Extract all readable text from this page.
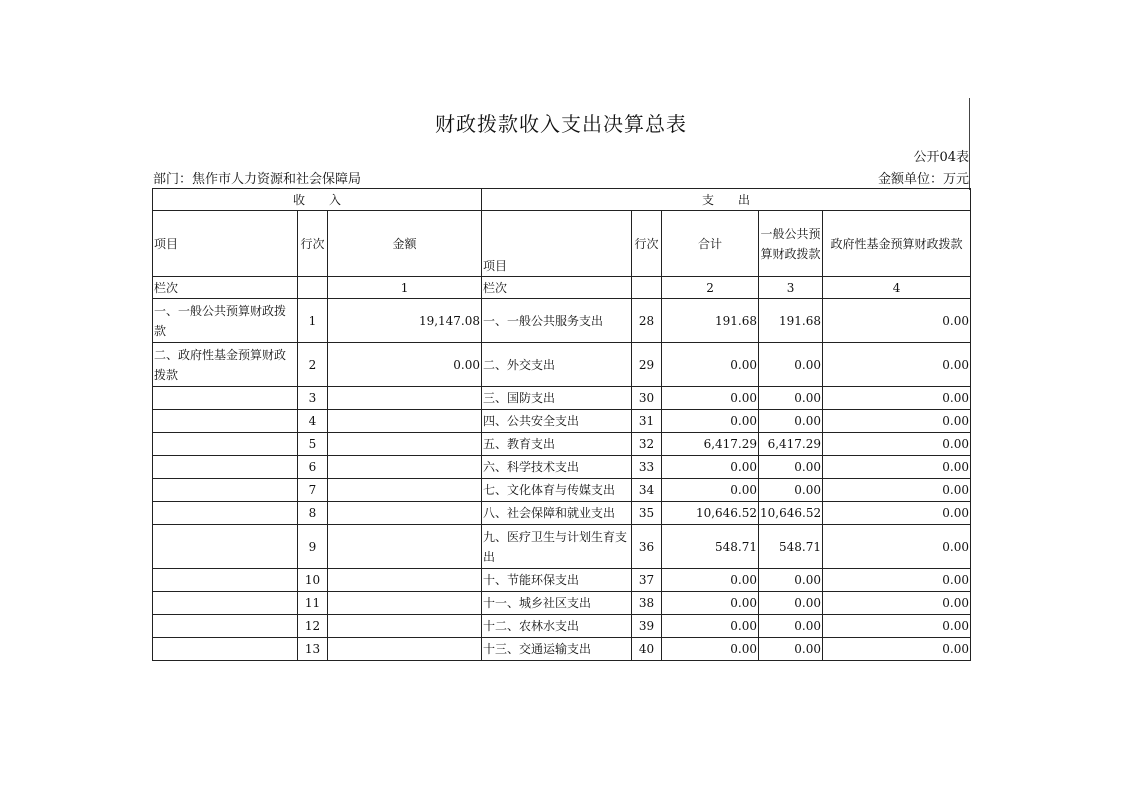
财政拨款收入支出决算总表
公开04表
部门：焦作市人力资源和社会保障局	金额单位：万元
收　　入			支　　出				
项目	行次	金额	项目	行次	合计	一般公共预算财政拨款	政府性基金预算财政拨款
栏次		1	栏次		2	3	4
一、一般公共预算财政拨款	1	19,147.08	一、一般公共服务支出	28	191.68	191.68	0.00
二、政府性基金预算财政拨款	2	0.00	二、外交支出	29	0.00	0.00	0.00
	3		三、国防支出	30	0.00	0.00	0.00
	4		四、公共安全支出	31	0.00	0.00	0.00
	5		五、教育支出	32	6,417.29	6,417.29	0.00
	6		六、科学技术支出	33	0.00	0.00	0.00
	7		七、文化体育与传媒支出	34	0.00	0.00	0.00
	8		八、社会保障和就业支出	35	10,646.52	10,646.52	0.00
	9		九、医疗卫生与计划生育支出	36	548.71	548.71	0.00
	10		十、节能环保支出	37	0.00	0.00	0.00
	11		十一、城乡社区支出	38	0.00	0.00	0.00
	12		十二、农林水支出	39	0.00	0.00	0.00
	13		十三、交通运输支出	40	0.00	0.00	0.00
